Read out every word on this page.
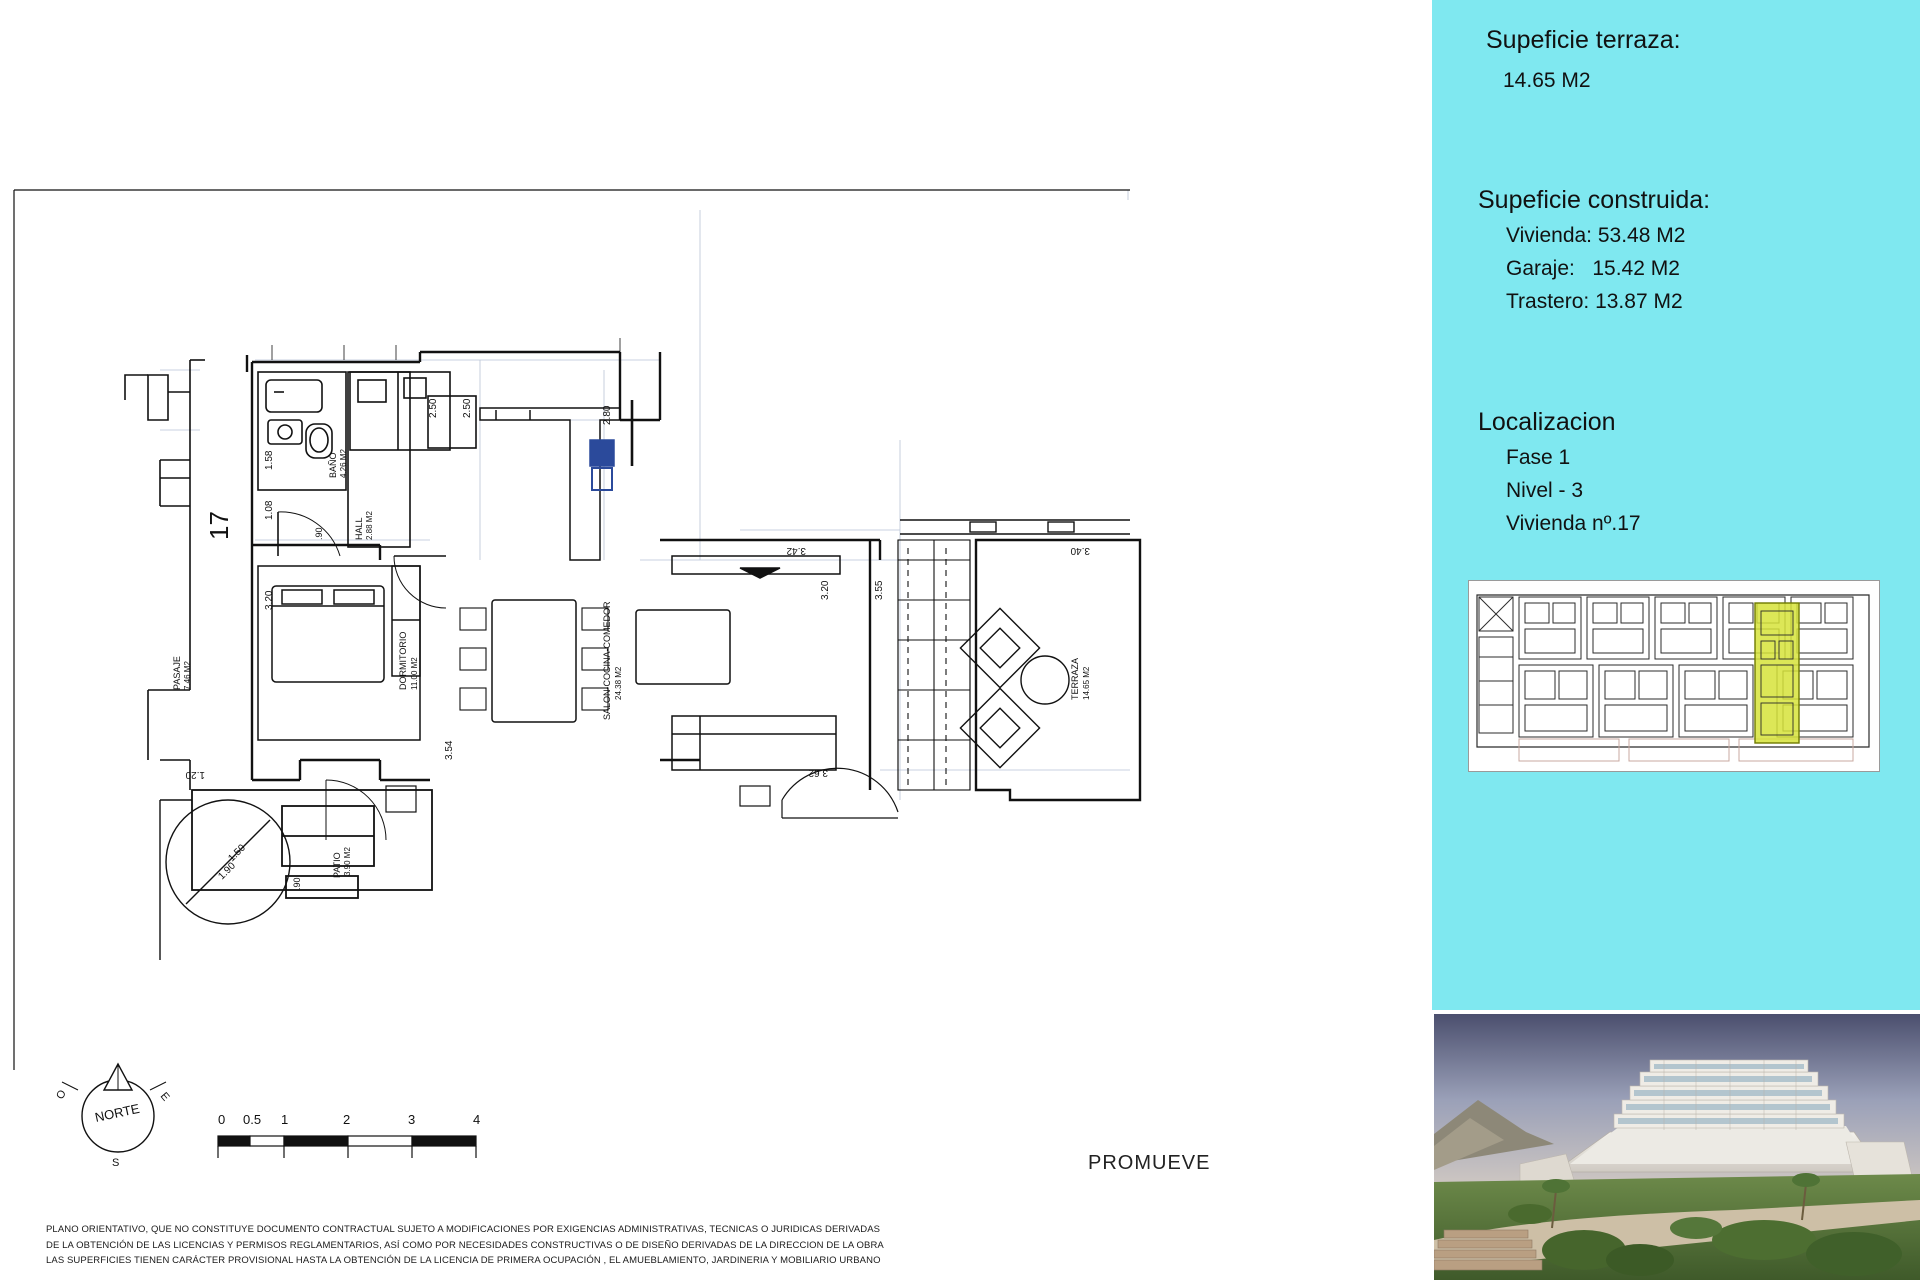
17
BAÑO 4.26 M2
HALL 2.88 M2
DORMITORIO 11.00 M2	SALON-COCINA-COMEDOR 24.38 M2	TERRAZA 14.65 M2
PASAJE 7.46 M2
PATIO 3.90 M2
2.50 2.50	2.80
1.58
1.08
3.20
3.20
3.42	3.40
3.55
3.54
3.62
1.20
1.50
1.90
.90
.90
NORTE
O	E
S
0 0.5 1	2	3	4
PROMUEVE
PLANO ORIENTATIVO, QUE NO CONSTITUYE DOCUMENTO CONTRACTUAL SUJETO A MODIFICACIONES POR EXIGENCIAS ADMINISTRATIVAS, TECNICAS O JURIDICAS DERIVADAS
DE LA OBTENCIÓN DE LAS LICENCIAS Y PERMISOS REGLAMENTARIOS, ASÍ COMO POR NECESIDADES CONSTRUCTIVAS O DE DISEÑO DERIVADAS DE LA DIRECCION DE LA OBRA
LAS SUPERFICIES TIENEN CARÁCTER PROVISIONAL HASTA LA OBTENCIÓN DE LA LICENCIA DE PRIMERA OCUPACIÓN , EL AMUEBLAMIENTO, JARDINERIA Y MOBILIARIO URBANO
Supeficie terraza:
14.65 M2
Supeficie construida:
Vivienda: 53.48 M2
Garaje:   15.42 M2
Trastero: 13.87 M2
Localizacion
Fase 1
Nivel - 3
Vivienda nº.17
